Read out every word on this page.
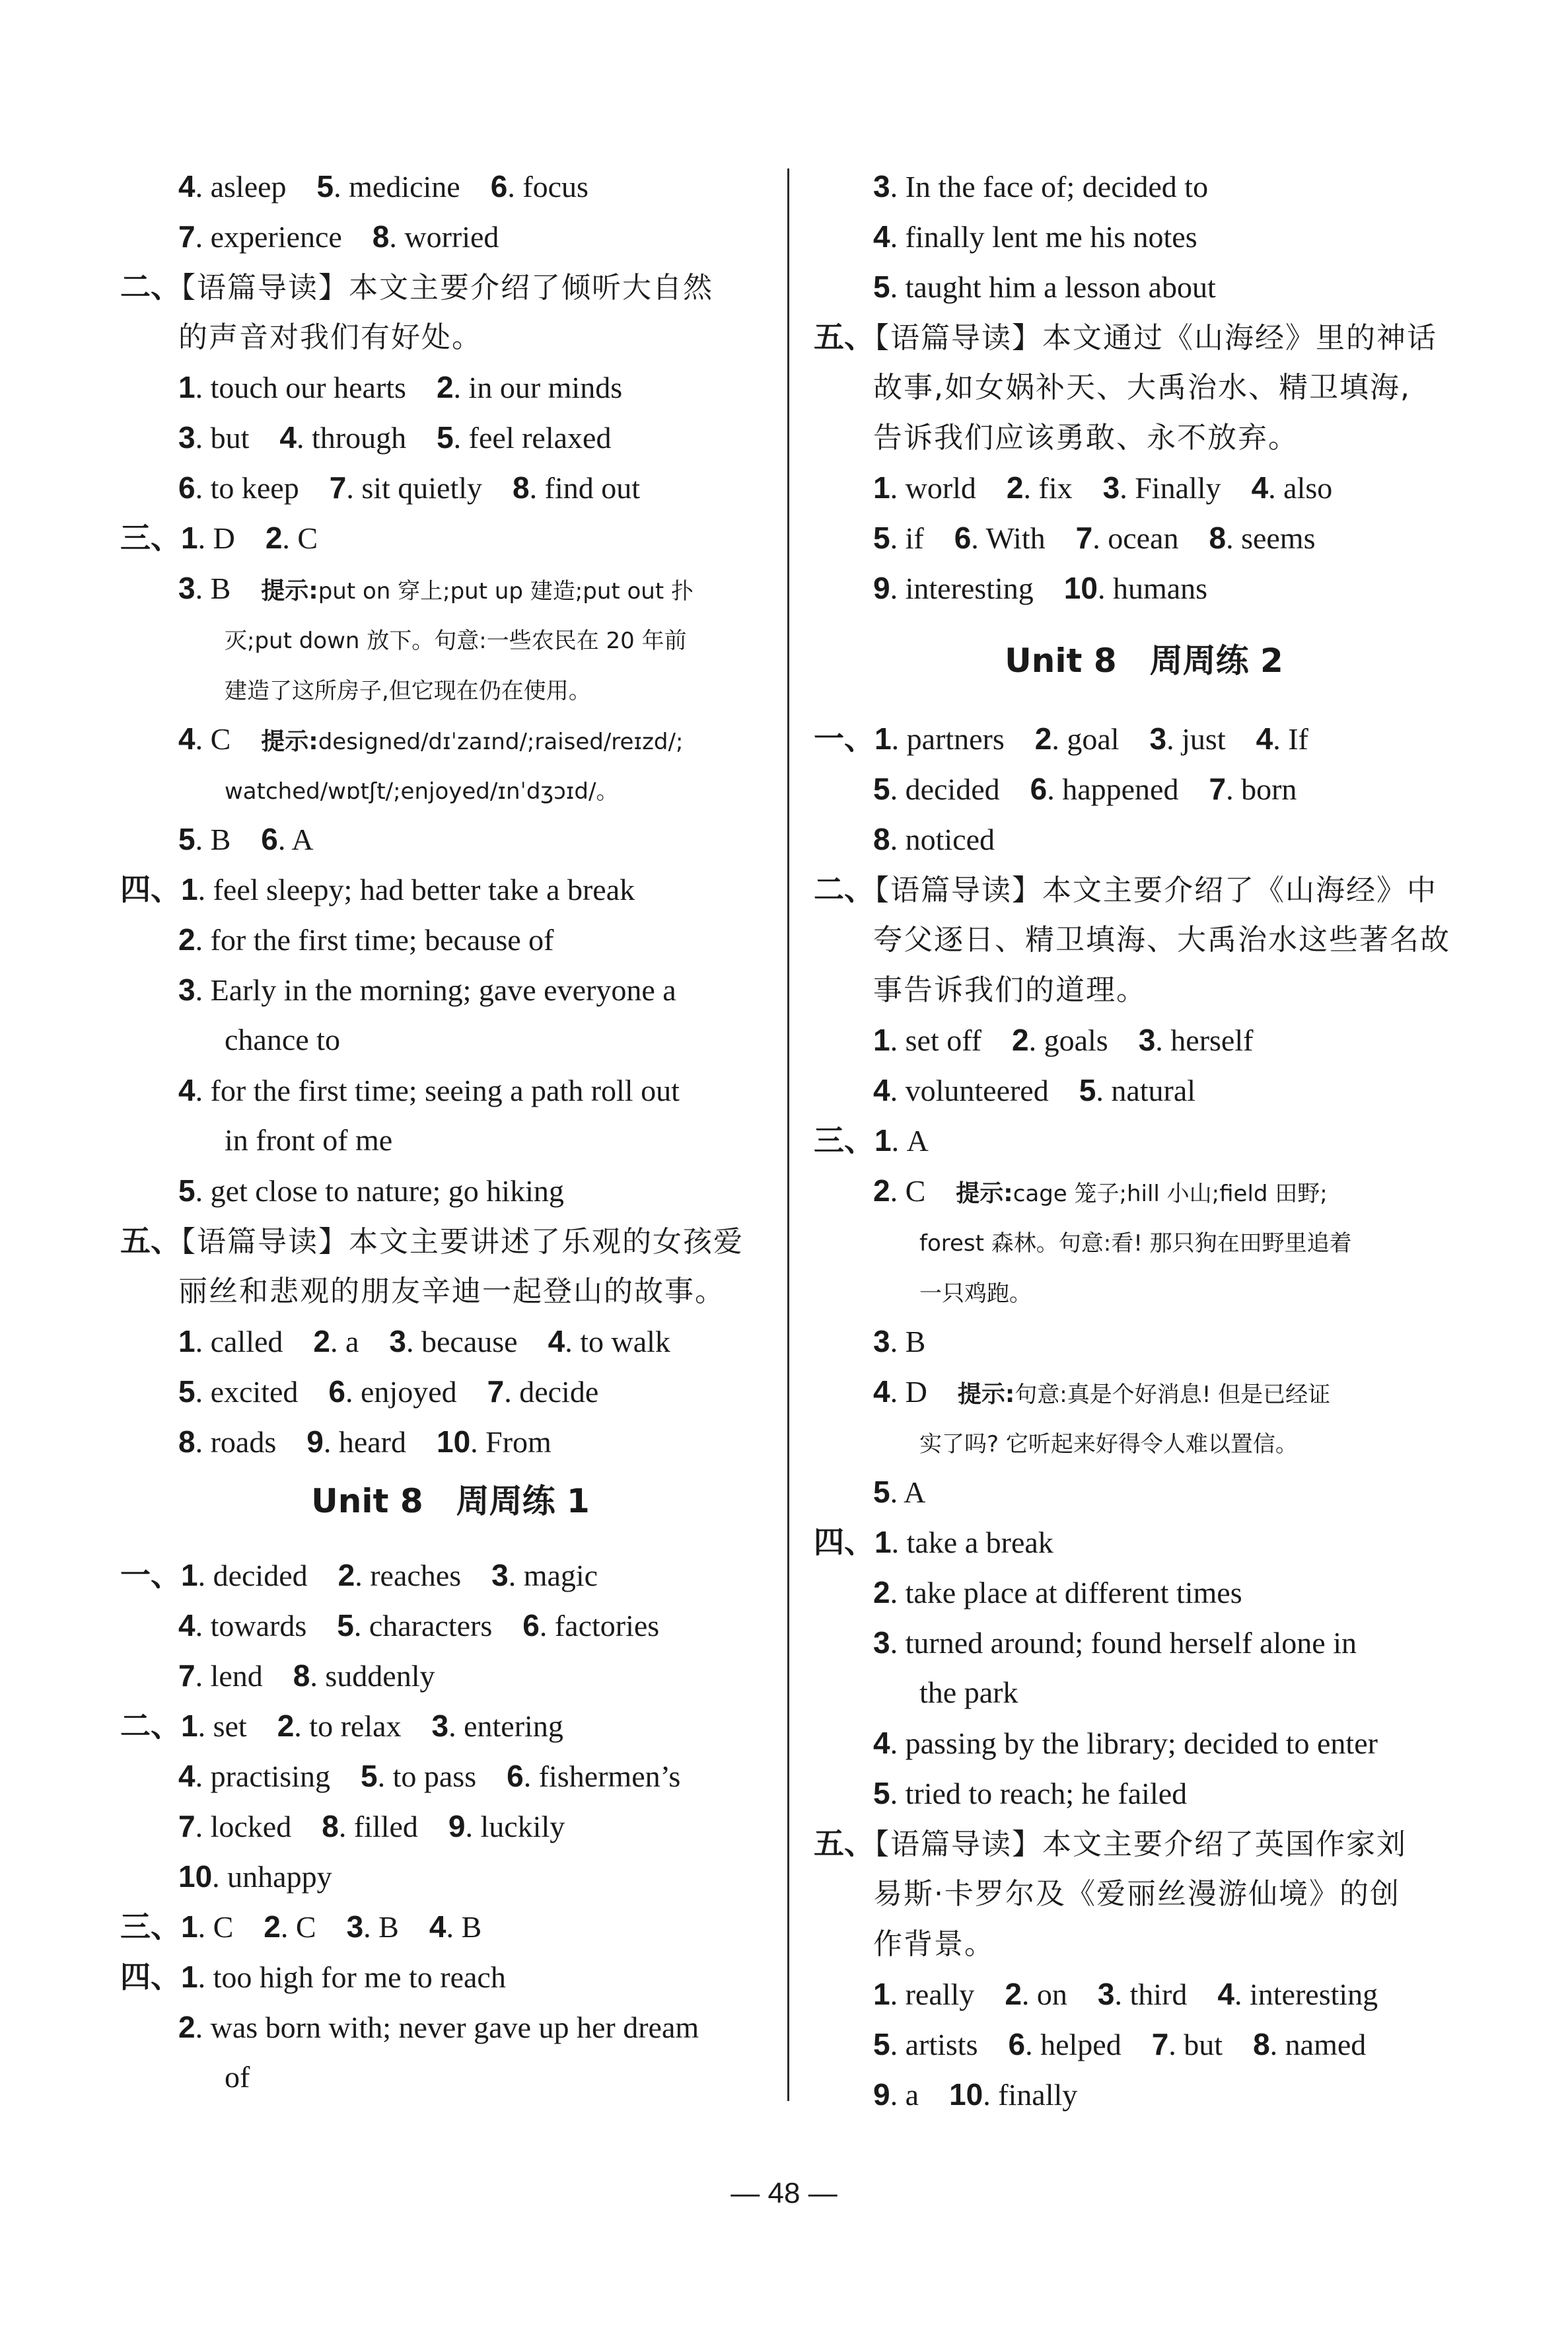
4. asleep 5. medicine 6. focus
7. experience 8. worried
二、【语篇导读】本文主要介绍了倾听大自然
的声音对我们有好处。
1. touch our hearts 2. in our minds
3. but 4. through 5. feel relaxed
6. to keep 7. sit quietly 8. find out
三、1. D 2. C
3. B 提示:put on 穿上;put up 建造;put out 扑
灭;put down 放下。句意:一些农民在 20 年前
建造了这所房子,但它现在仍在使用。
4. C 提示:designed/dɪˈzaɪnd/;raised/reɪzd/;
watched/wɒtʃt/;enjoyed/ɪnˈdʒɔɪd/。
5. B 6. A
四、1. feel sleepy; had better take a break
2. for the first time; because of
3. Early in the morning; gave everyone a
chance to
4. for the first time; seeing a path roll out
in front of me
5. get close to nature; go hiking
五、【语篇导读】本文主要讲述了乐观的女孩爱
丽丝和悲观的朋友辛迪一起登山的故事。
1. called 2. a 3. because 4. to walk
5. excited 6. enjoyed 7. decide
8. roads 9. heard 10. From
Unit 8　周周练 1
一、1. decided 2. reaches 3. magic
4. towards 5. characters 6. factories
7. lend 8. suddenly
二、1. set 2. to relax 3. entering
4. practising 5. to pass 6. fishermen’s
7. locked 8. filled 9. luckily
10. unhappy
三、1. C 2. C 3. B 4. B
四、1. too high for me to reach
2. was born with; never gave up her dream
of
3. In the face of; decided to
4. finally lent me his notes
5. taught him a lesson about
五、【语篇导读】本文通过《山海经》里的神话
故事,如女娲补天、大禹治水、精卫填海,
告诉我们应该勇敢、永不放弃。
1. world 2. fix 3. Finally 4. also
5. if 6. With 7. ocean 8. seems
9. interesting 10. humans
Unit 8　周周练 2
一、1. partners 2. goal 3. just 4. If
5. decided 6. happened 7. born
8. noticed
二、【语篇导读】本文主要介绍了《山海经》中
夸父逐日、精卫填海、大禹治水这些著名故
事告诉我们的道理。
1. set off 2. goals 3. herself
4. volunteered 5. natural
三、1. A
2. C 提示:cage 笼子;hill 小山;field 田野;
forest 森林。句意:看! 那只狗在田野里追着
一只鸡跑。
3. B
4. D 提示:句意:真是个好消息! 但是已经证
实了吗? 它听起来好得令人难以置信。
5. A
四、1. take a break
2. take place at different times
3. turned around; found herself alone in
the park
4. passing by the library; decided to enter
5. tried to reach; he failed
五、【语篇导读】本文主要介绍了英国作家刘
易斯·卡罗尔及《爱丽丝漫游仙境》的创
作背景。
1. really 2. on 3. third 4. interesting
5. artists 6. helped 7. but 8. named
9. a 10. finally
— 48 —
